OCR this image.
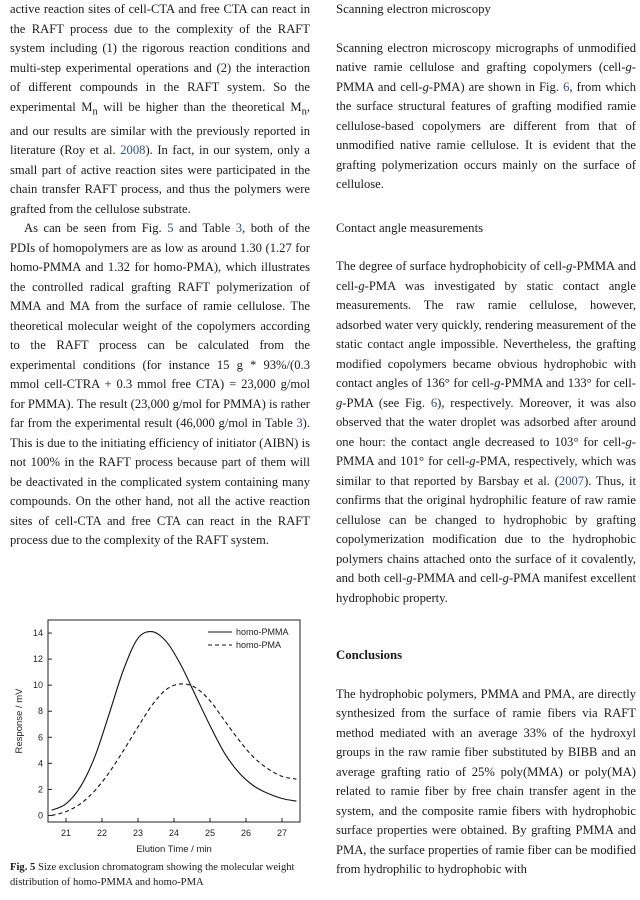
active reaction sites of cell-CTA and free CTA can react in the RAFT process due to the complexity of the RAFT system including (1) the rigorous reaction conditions and multi-step experimental operations and (2) the interaction of different compounds in the RAFT system. So the experimental $M_n$ will be higher than the theoretical $M_n$, and our results are similar with the previously reported in literature (Roy et al. 2008). In fact, in our system, only a small part of active reaction sites were participated in the chain transfer RAFT process, and thus the polymers were grafted from the cellulose substrate.

As can be seen from Fig. 5 and Table 3, both of the PDIs of homopolymers are as low as around 1.30 (1.27 for homo-PMMA and 1.32 for homo-PMA), which illustrates the controlled radical grafting RAFT polymerization of MMA and MA from the surface of ramie cellulose. The theoretical molecular weight of the copolymers according to the RAFT process can be calculated from the experimental conditions (for instance 15 g * 93%/(0.3 mmol cell-CTRA + 0.3 mmol free CTA) = 23,000 g/mol for PMMA). The result (23,000 g/mol for PMMA) is rather far from the experimental result (46,000 g/mol in Table 3). This is due to the initiating efficiency of initiator (AIBN) is not 100% in the RAFT process because part of them will be deactivated in the complicated system containing many compounds. On the other hand, not all the active reaction sites of cell-CTA and free CTA can react in the RAFT process due to the complexity of the RAFT system.

21	22	23	24	25	26	27
0
2
4
6
8
10
12
14
Elution Time / min
Response / mV
homo-PMMA
homo-PMA

Fig. 5 Size exclusion chromatogram showing the molecular weight distribution of homo-PMMA and homo-PMA

Scanning electron microscopy

Scanning electron microscopy micrographs of unmodified native ramie cellulose and grafting copolymers (cell-g-PMMA and cell-g-PMA) are shown in Fig. 6, from which the surface structural features of grafting modified ramie cellulose-based copolymers are different from that of unmodified native ramie cellulose. It is evident that the grafting polymerization occurs mainly on the surface of cellulose.

Contact angle measurements

The degree of surface hydrophobicity of cell-g-PMMA and cell-g-PMA was investigated by static contact angle measurements. The raw ramie cellulose, however, adsorbed water very quickly, rendering measurement of the static contact angle impossible. Nevertheless, the grafting modified copolymers became obvious hydrophobic with contact angles of 136° for cell-g-PMMA and 133° for cell-g-PMA (see Fig. 6), respectively. Moreover, it was also observed that the water droplet was adsorbed after around one hour: the contact angle decreased to 103° for cell-g-PMMA and 101° for cell-g-PMA, respectively, which was similar to that reported by Barsbay et al. (2007). Thus, it confirms that the original hydrophilic feature of raw ramie cellulose can be changed to hydrophobic by grafting copolymerization modification due to the hydrophobic polymers chains attached onto the surface of it covalently, and both cell-g-PMMA and cell-g-PMA manifest excellent hydrophobic property.

Conclusions

The hydrophobic polymers, PMMA and PMA, are directly synthesized from the surface of ramie fibers via RAFT method mediated with an average 33% of the hydroxyl groups in the raw ramie fiber substituted by BIBB and an average grafting ratio of 25% poly(MMA) or poly(MA) related to ramie fiber by free chain transfer agent in the system, and the composite ramie fibers with hydrophobic surface properties were obtained. By grafting PMMA and PMA, the surface properties of ramie fiber can be modified from hydrophilic to hydrophobic with
